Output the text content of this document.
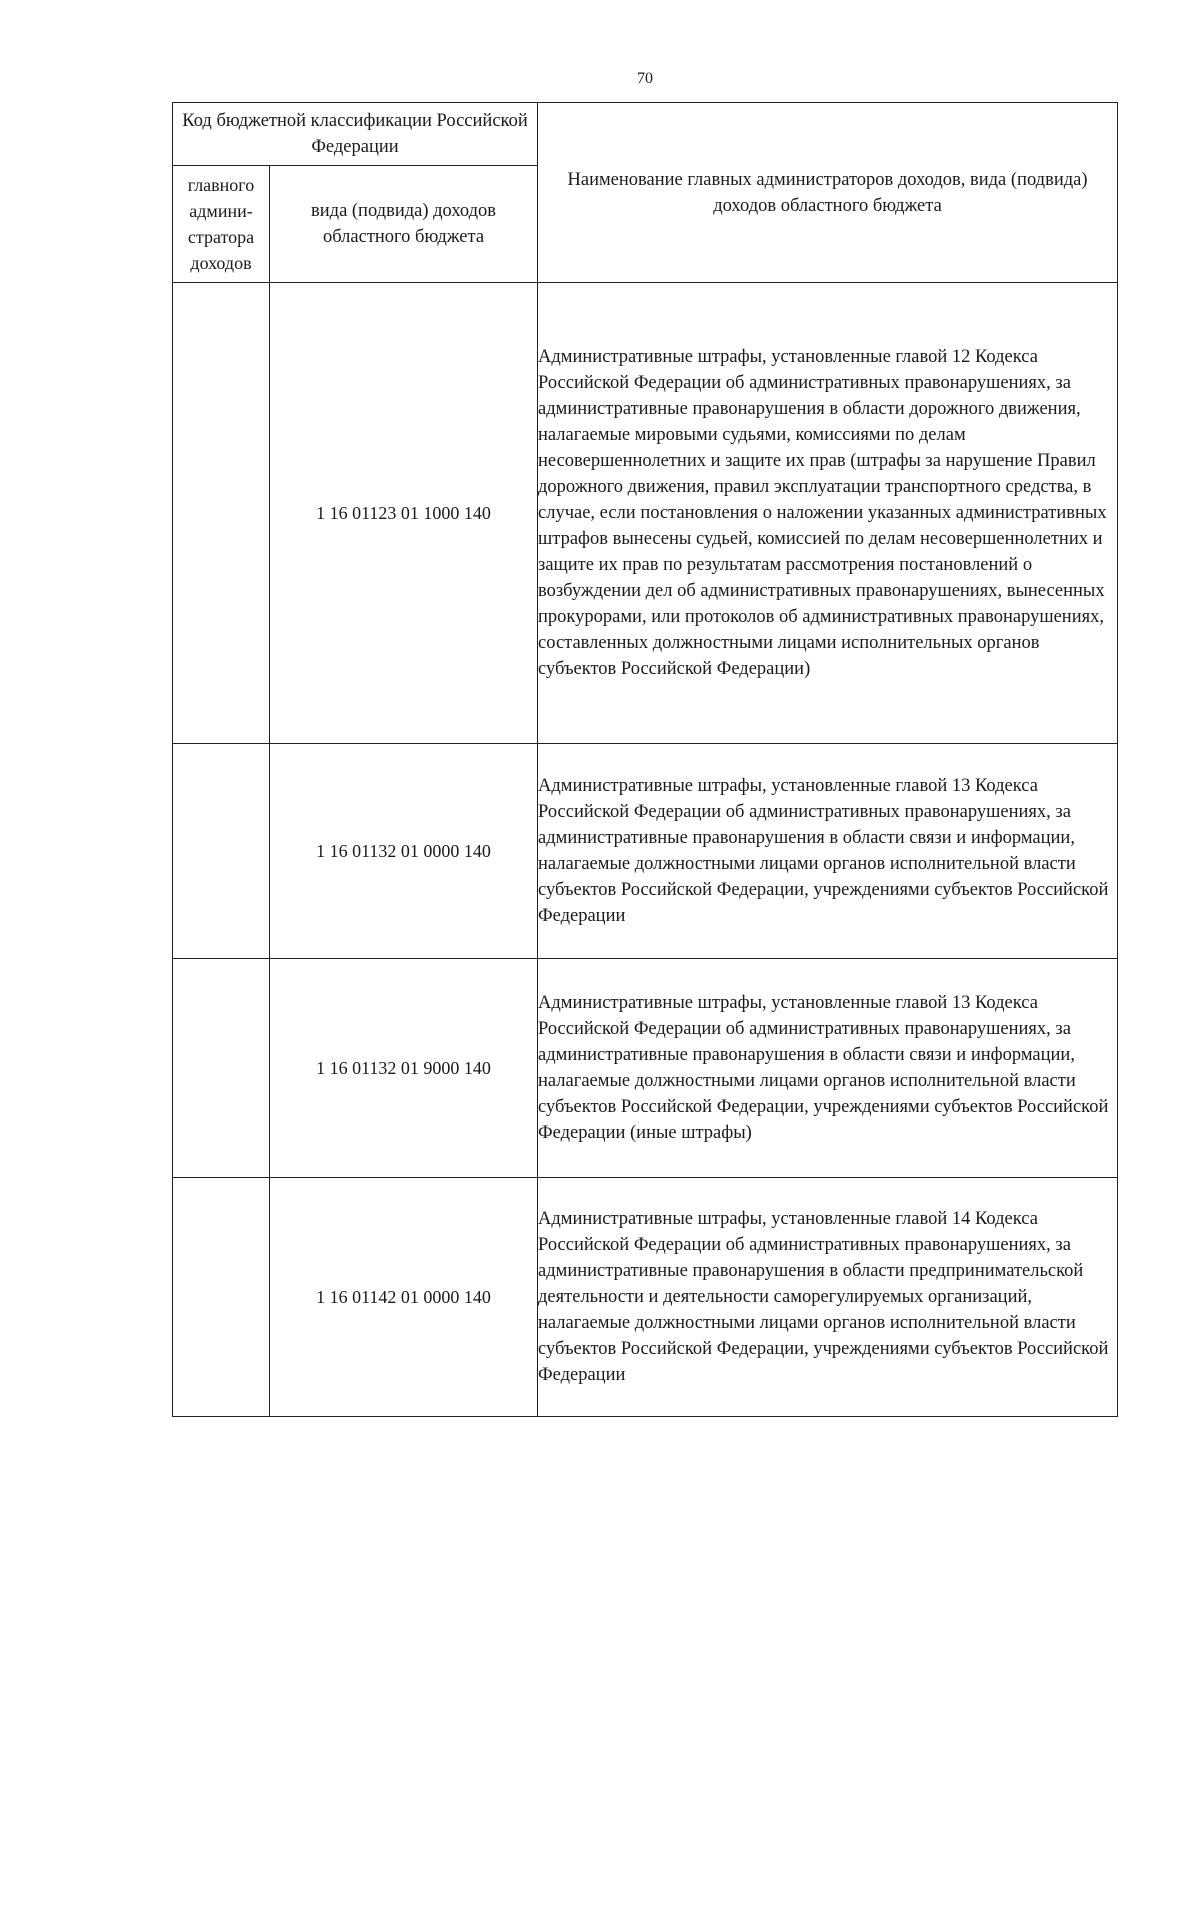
70
Код бюджетной классификации Российской Федерации		Наименование главных администраторов доходов, вида (подвида) доходов областного бюджета
главного админи-стратора доходов	вида (подвида) доходов областного бюджета	
	1 16 01123 01 1000 140	Административные штрафы, установленные главой 12 Кодекса Российской Федерации об административных правонарушениях, за административные правонарушения в области дорожного движения, налагаемые мировыми судьями, комиссиями по делам несовершеннолетних и защите их прав (штрафы за нарушение Правил дорожного движения, правил эксплуатации транспортного средства, в случае, если постановления о наложении указанных административных штрафов вынесены судьей, комиссией по делам несовершеннолетних и защите их прав по результатам рассмотрения постановлений о возбуждении дел об административных правонарушениях, вынесенных прокурорами, или протоколов об административных правонарушениях, составленных должностными лицами исполнительных органов субъектов Российской Федерации)
	1 16 01132 01 0000 140	Административные штрафы, установленные главой 13 Кодекса Российской Федерации об административных правонарушениях, за административные правонарушения в области связи и информации, налагаемые должностными лицами органов исполнительной власти субъектов Российской Федерации, учреждениями субъектов Российской Федерации
	1 16 01132 01 9000 140	Административные штрафы, установленные главой 13 Кодекса Российской Федерации об административных правонарушениях, за административные правонарушения в области связи и информации, налагаемые должностными лицами органов исполнительной власти субъектов Российской Федерации, учреждениями субъектов Российской Федерации (иные штрафы)
	1 16 01142 01 0000 140	Административные штрафы, установленные главой 14 Кодекса Российской Федерации об административных правонарушениях, за административные правонарушения в области предпринимательской деятельности и деятельности саморегулируемых организаций, налагаемые должностными лицами органов исполнительной власти субъектов Российской Федерации, учреждениями субъектов Российской Федерации
